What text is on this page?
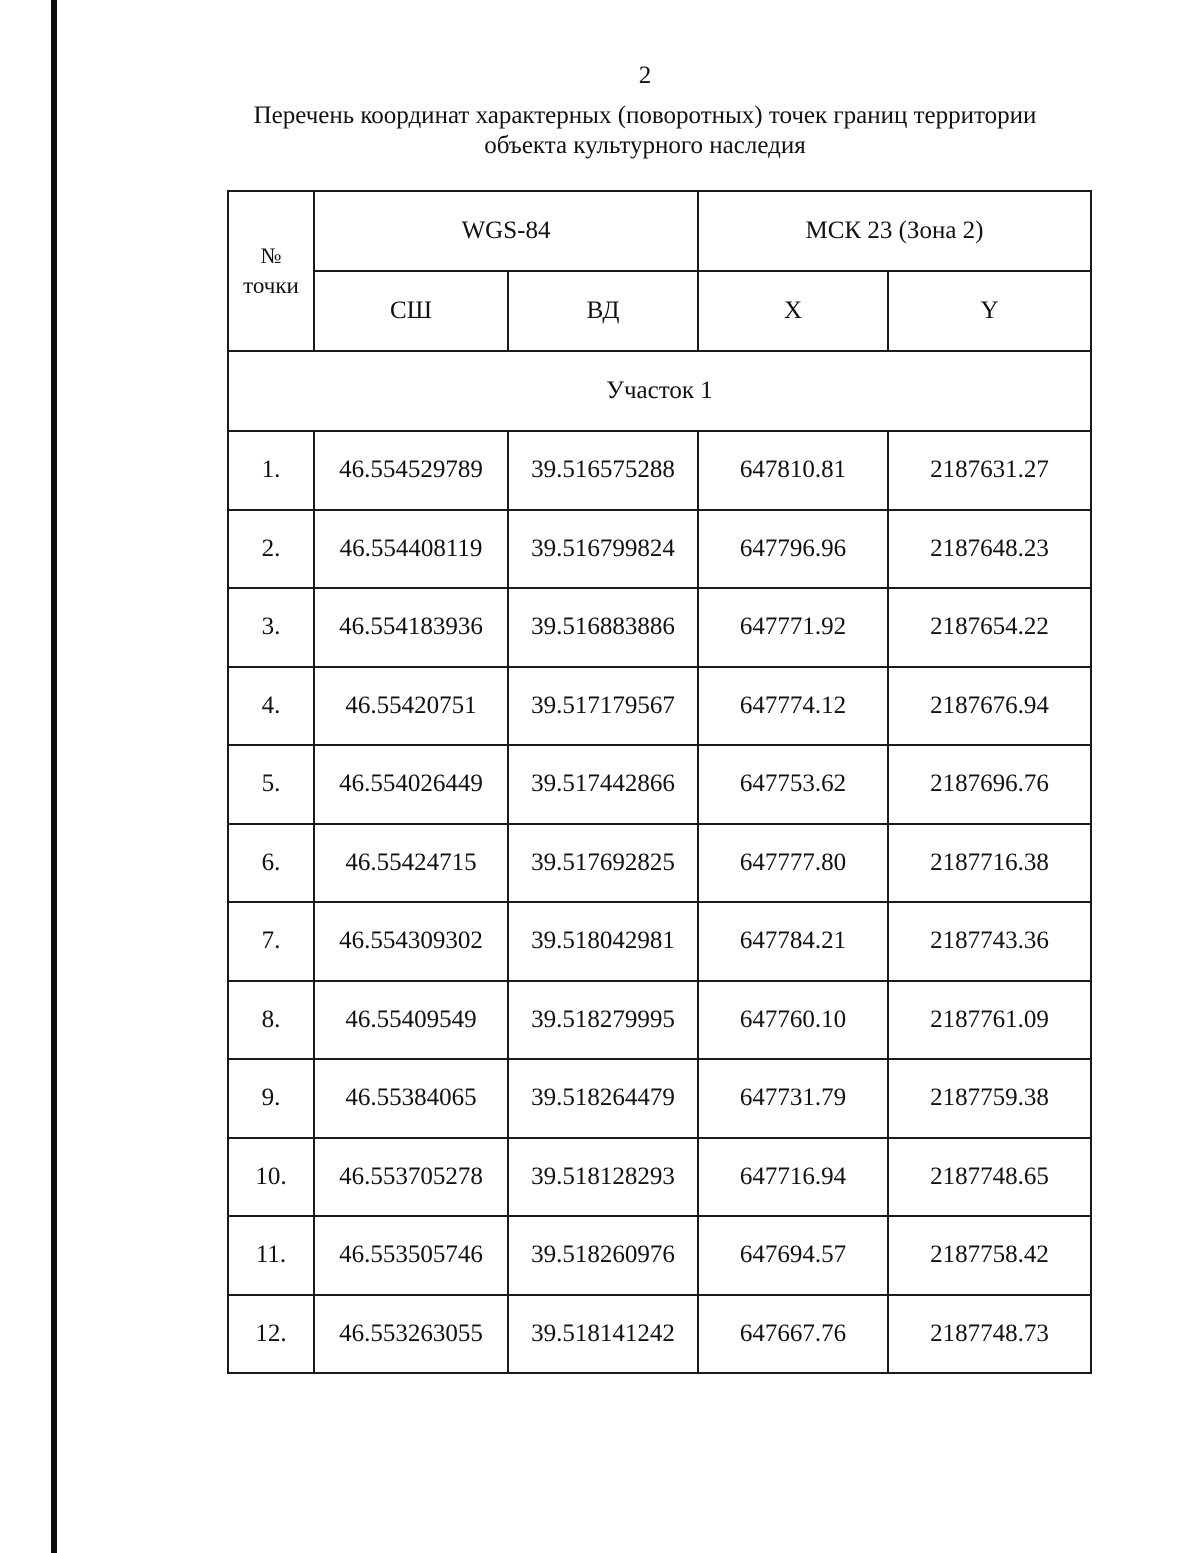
2
Перечень координат характерных (поворотных) точек границ территории
объекта культурного наследия
№
точки	WGS-84		МСК 23 (Зона 2)	
	СШ	ВД	X	Y
Участок 1				
1.	46.554529789	39.516575288	647810.81	2187631.27
2.	46.554408119	39.516799824	647796.96	2187648.23
3.	46.554183936	39.516883886	647771.92	2187654.22
4.	46.55420751	39.517179567	647774.12	2187676.94
5.	46.554026449	39.517442866	647753.62	2187696.76
6.	46.55424715	39.517692825	647777.80	2187716.38
7.	46.554309302	39.518042981	647784.21	2187743.36
8.	46.55409549	39.518279995	647760.10	2187761.09
9.	46.55384065	39.518264479	647731.79	2187759.38
10.	46.553705278	39.518128293	647716.94	2187748.65
11.	46.553505746	39.518260976	647694.57	2187758.42
12.	46.553263055	39.518141242	647667.76	2187748.73
